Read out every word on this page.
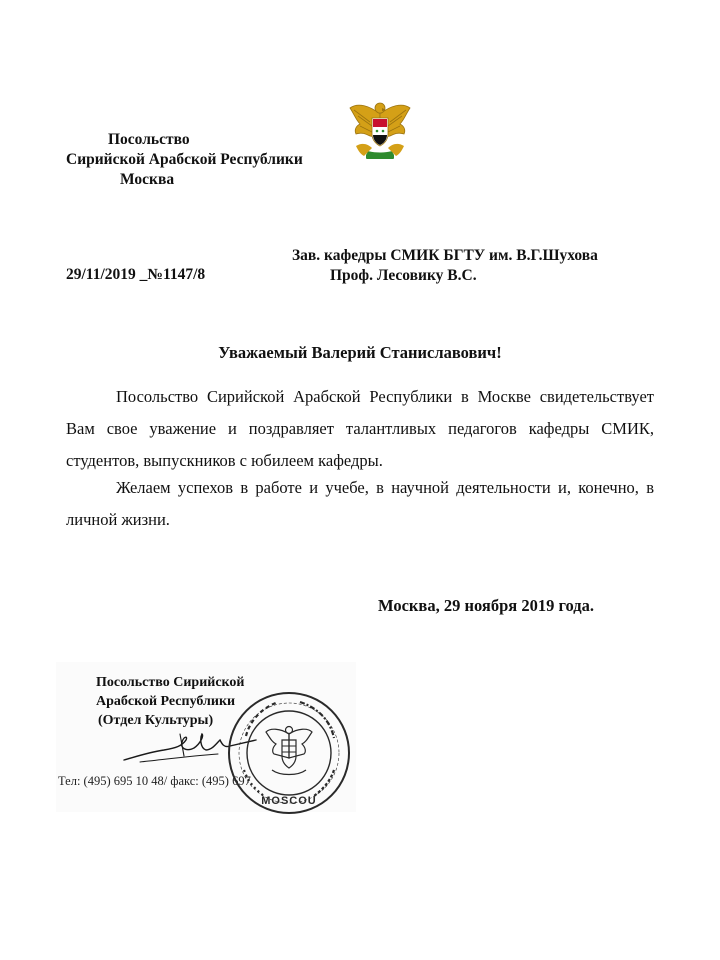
Посольство
Сирийской Арабской Республики
Москва
Зав. кафедры СМИК БГТУ им. В.Г.Шухова
Проф. Лесовику В.С.
29/11/2019 _№1147/8
Уважаемый Валерий Станиславович!
Посольство Сирийской Арабской Республики в Москве свидетельствует Вам свое уважение и поздравляет талантливых педагогов кафедры СМИК, студентов, выпускников с юбилеем кафедры.
Желаем успехов в работе и учебе, в научной деятельности и, конечно, в личной жизни.
Москва, 29 ноября 2019 года.
Посольство Сирийской
Арабской Республики
(Отдел Культуры)
MOSCOU
Тел: (495) 695 10 48/ факс: (495) 697
